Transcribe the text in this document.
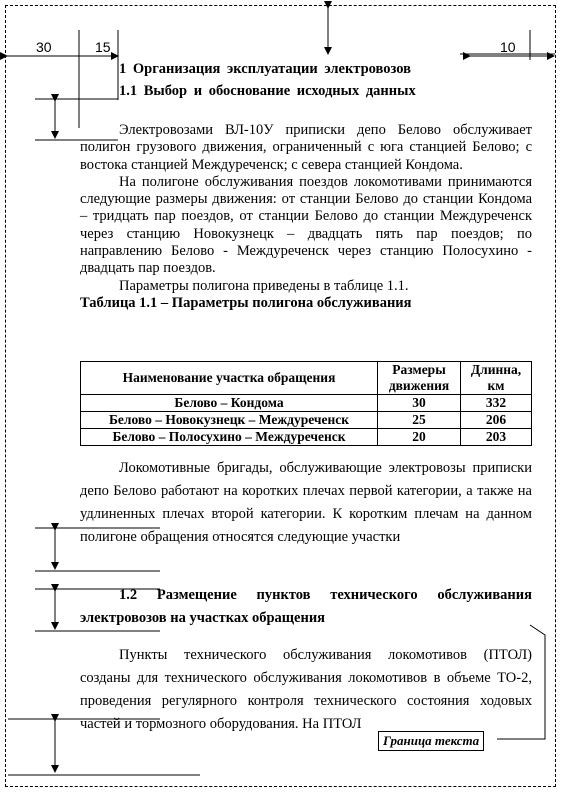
30	15	10
1 Организация эксплуатации электровозов
1.1 Выбор и обоснование исходных данных

Электровозами ВЛ-10У приписки депо Белово обслуживает полигон грузового движения, ограниченный с юга станцией Белово; с востока станцией Междуреченск; с севера станцией Кондома.

На полигоне обслуживания поездов локомотивами принимаются следующие размеры движения: от станции Белово до станции Кондома – тридцать пар поездов, от станции Белово до станции Междуреченск через станцию Новокузнецк – двадцать пять пар поездов; по направлению Белово - Междуреченск через станцию Полосухино - двадцать пар поездов.

Параметры полигона приведены в таблице 1.1.

Таблица 1.1 – Параметры полигона обслуживания

Наименование участка обращения	Размеры движения	Длинна, км
Белово – Кондома	30	332
Белово – Новокузнецк – Междуреченск	25	206
Белово – Полосухино – Междуреченск	20	203

Локомотивные бригады, обслуживающие электровозы приписки депо Белово работают на коротких плечах первой категории, а также на удлиненных плечах второй категории. К коротким плечам на данном полигоне обращения относятся следующие участки

1.2 Размещение пунктов технического обслуживания электровозов на участках обращения

Пункты технического обслуживания локомотивов (ПТОЛ) созданы для технического обслуживания локомотивов в объеме ТО-2, проведения регулярного контроля технического состояния ходовых частей и тормозного оборудования. На ПТОЛ

Граница текста
